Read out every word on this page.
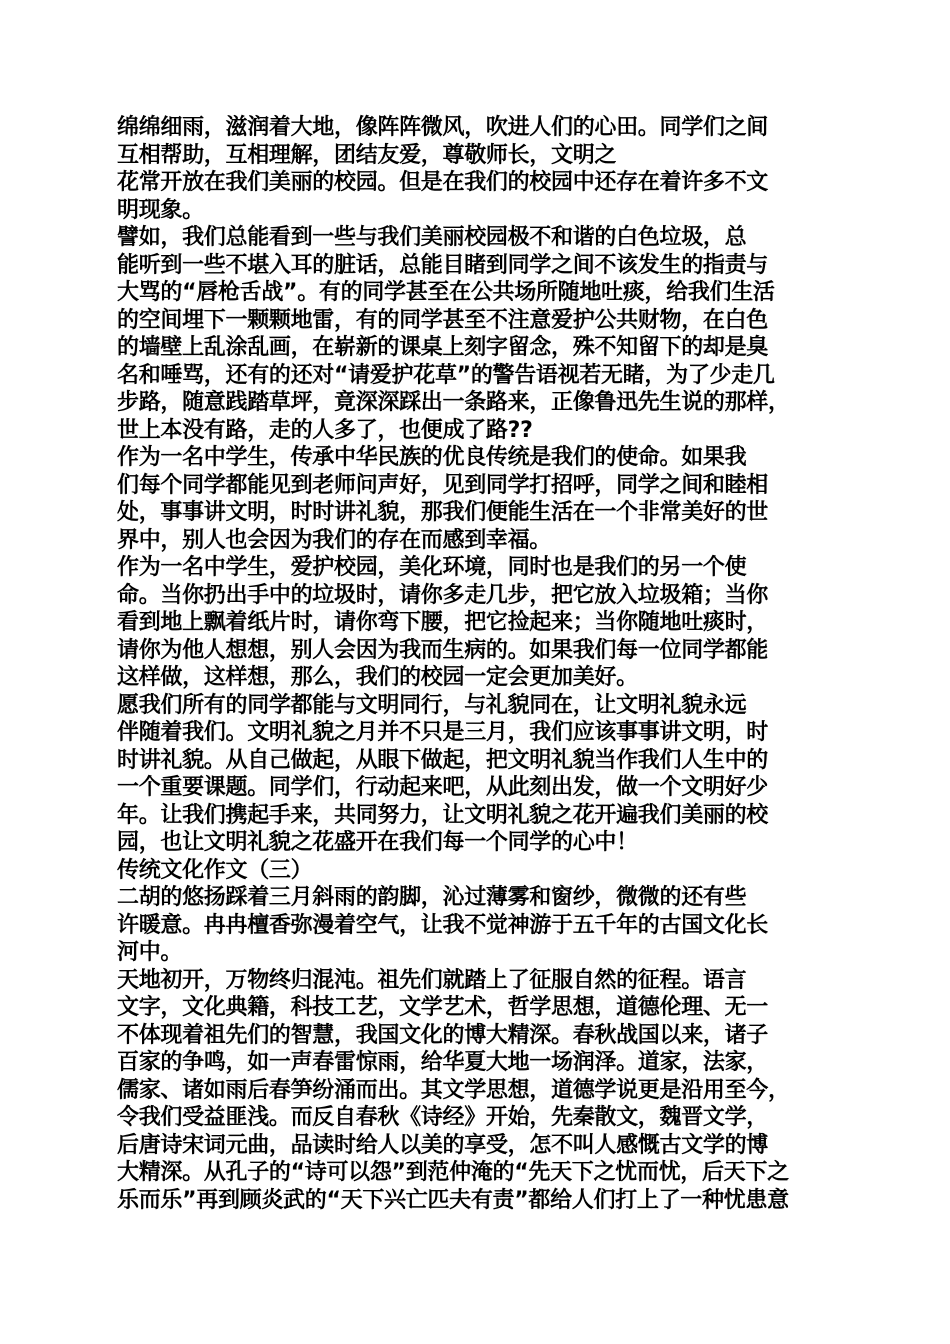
绵绵细雨，滋润着大地，像阵阵微风，吹进人们的心田。同学们之间
互相帮助，互相理解，团结友爱，尊敬师长，文明之
花常开放在我们美丽的校园。但是在我们的校园中还存在着许多不文
明现象。
譬如，我们总能看到一些与我们美丽校园极不和谐的白色垃圾，总
能听到一些不堪入耳的脏话，总能目睹到同学之间不该发生的指责与
大骂的“唇枪舌战”。有的同学甚至在公共场所随地吐痰，给我们生活
的空间埋下一颗颗地雷，有的同学甚至不注意爱护公共财物，在白色
的墙壁上乱涂乱画，在崭新的课桌上刻字留念，殊不知留下的却是臭
名和唾骂，还有的还对“请爱护花草”的警告语视若无睹，为了少走几
步路，随意践踏草坪，竟深深踩出一条路来，正像鲁迅先生说的那样，
世上本没有路，走的人多了，也便成了路??
作为一名中学生，传承中华民族的优良传统是我们的使命。如果我
们每个同学都能见到老师问声好，见到同学打招呼，同学之间和睦相
处，事事讲文明，时时讲礼貌，那我们便能生活在一个非常美好的世
界中，别人也会因为我们的存在而感到幸福。
作为一名中学生，爱护校园，美化环境，同时也是我们的另一个使
命。当你扔出手中的垃圾时，请你多走几步，把它放入垃圾箱；当你
看到地上飘着纸片时，请你弯下腰，把它捡起来；当你随地吐痰时，
请你为他人想想，别人会因为我而生病的。如果我们每一位同学都能
这样做，这样想，那么，我们的校园一定会更加美好。
愿我们所有的同学都能与文明同行，与礼貌同在，让文明礼貌永远
伴随着我们。文明礼貌之月并不只是三月，我们应该事事讲文明，时
时讲礼貌。从自己做起，从眼下做起，把文明礼貌当作我们人生中的
一个重要课题。同学们，行动起来吧，从此刻出发，做一个文明好少
年。让我们携起手来，共同努力，让文明礼貌之花开遍我们美丽的校
园，也让文明礼貌之花盛开在我们每一个同学的心中！
传统文化作文（三）
二胡的悠扬踩着三月斜雨的韵脚，沁过薄雾和窗纱，微微的还有些
许暖意。冉冉檀香弥漫着空气，让我不觉神游于五千年的古国文化长
河中。
天地初开，万物终归混沌。祖先们就踏上了征服自然的征程。语言
文字，文化典籍，科技工艺，文学艺术，哲学思想，道德伦理、无一
不体现着祖先们的智慧，我国文化的博大精深。春秋战国以来，诸子
百家的争鸣，如一声春雷惊雨，给华夏大地一场润泽。道家，法家，
儒家、诸如雨后春笋纷涌而出。其文学思想，道德学说更是沿用至今，
令我们受益匪浅。而反自春秋《诗经》开始，先秦散文，魏晋文学，
后唐诗宋词元曲，品读时给人以美的享受，怎不叫人感慨古文学的博
大精深。从孔子的“诗可以怨”到范仲淹的“先天下之忧而忧，后天下之
乐而乐”再到顾炎武的“天下兴亡匹夫有责”都给人们打上了一种忧患意
